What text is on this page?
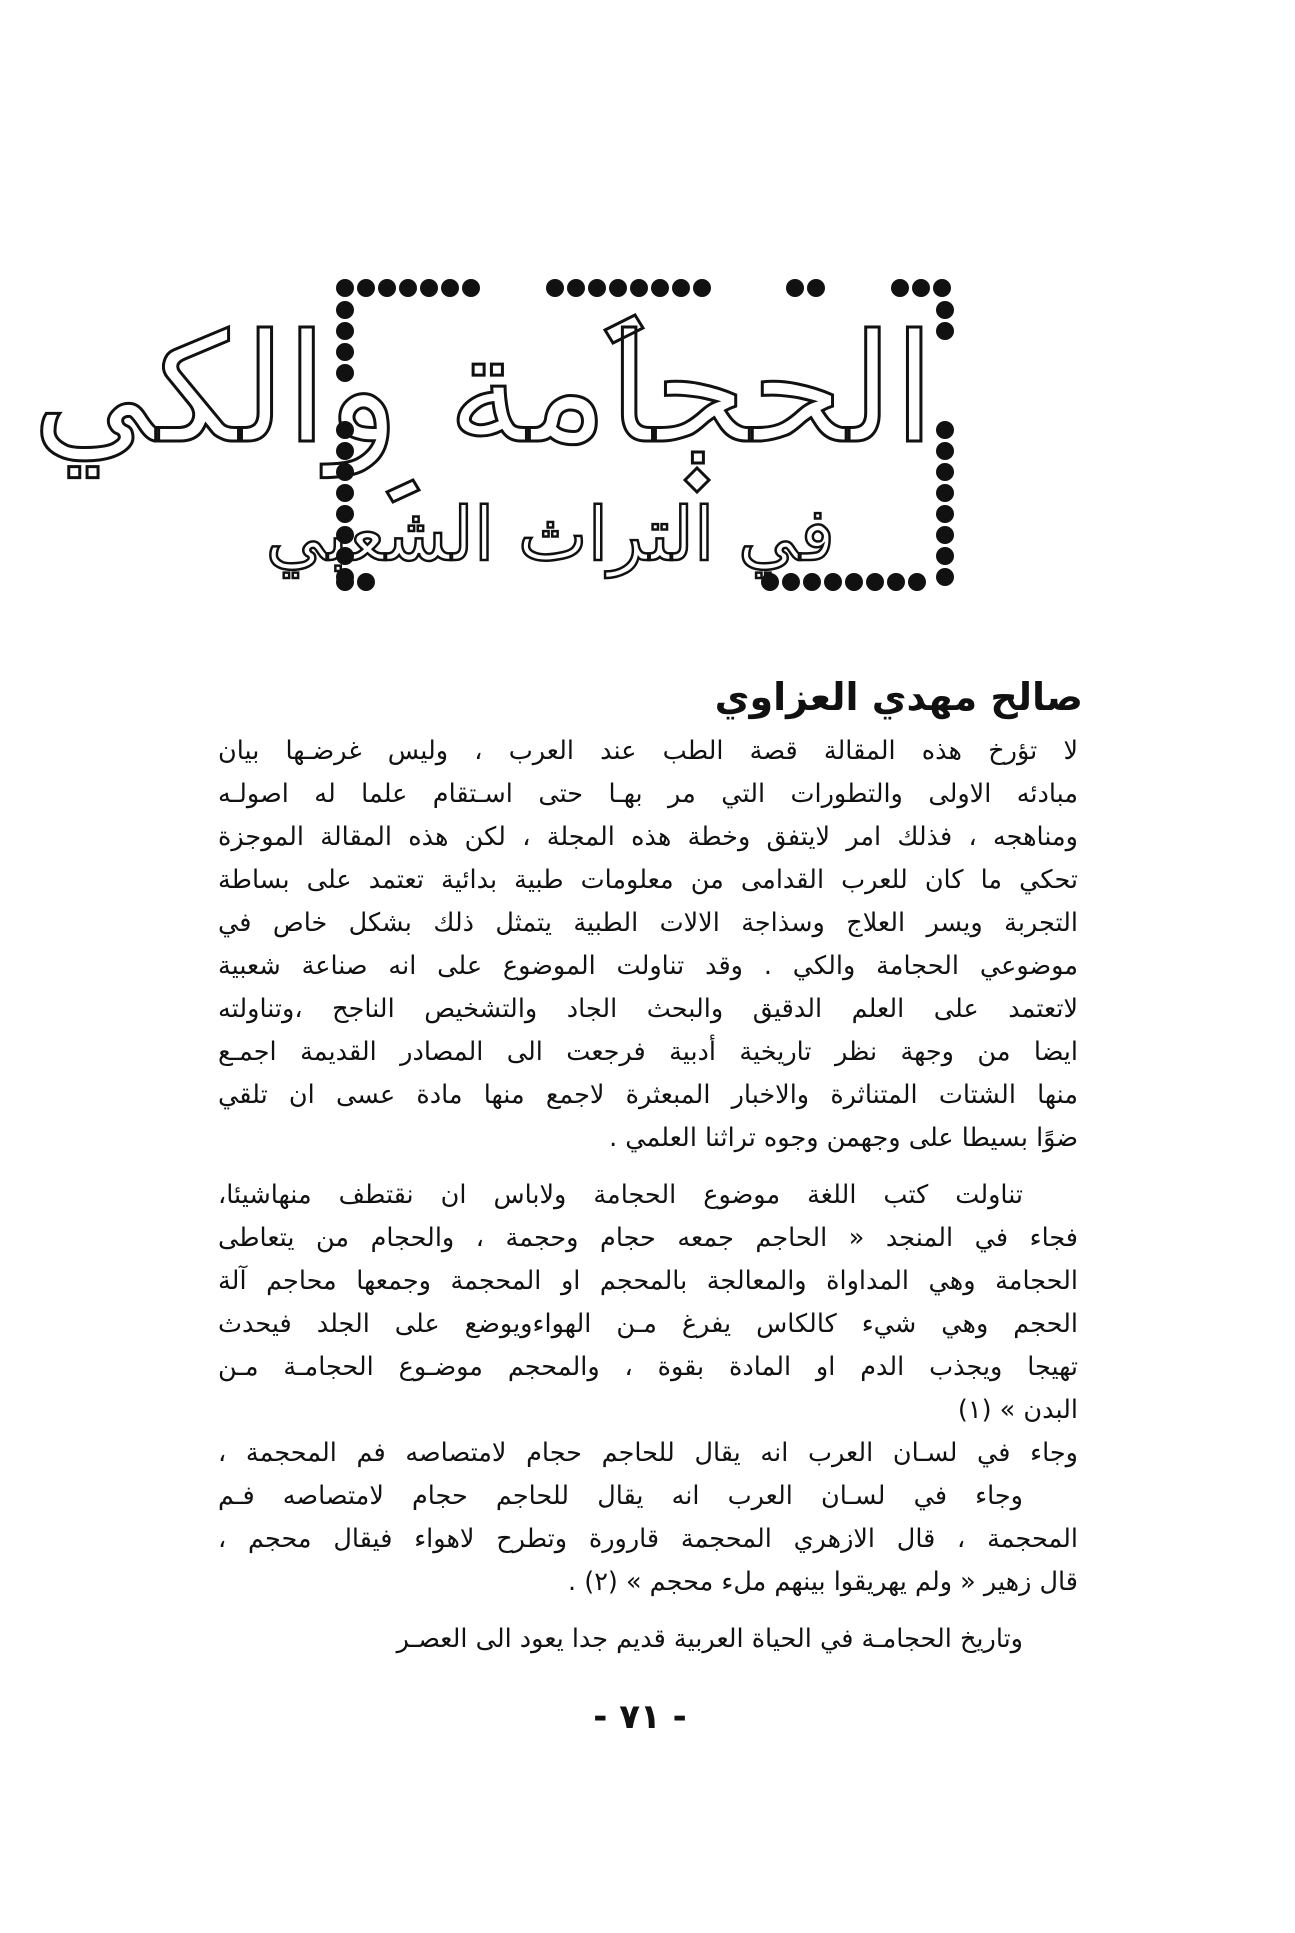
الحجامة والكي
في التراث الشعبي
صالح مهدي العزاوي
لا تؤرخ هذه المقالة قصة الطب عند العرب ، وليس غرضـها بيان
مبادئه الاولى والتطورات التي مر بهـا حتى اسـتقام علما له اصولـه
ومناهجه ، فذلك امر لايتفق وخطة هذه المجلة ، لكن هذه المقالة الموجزة
تحكي ما كان للعرب القدامى من معلومات طبية بدائية تعتمد على بساطة
التجربة ويسر العلاج وسذاجة الالات الطبية يتمثل ذلك بشكل خاص في
موضوعي الحجامة والكي . وقد تناولت الموضوع على انه صناعة شعبية
لاتعتمد على العلم الدقيق والبحث الجاد والتشخيص الناجح ،وتناولته
ايضا من وجهة نظر تاريخية أدبية فرجعت الى المصادر القديمة اجمـع
منها الشتات المتناثرة والاخبار المبعثرة لاجمع منها مادة عسى ان تلقي
ضوًا بسيطا على وجهمن وجوه تراثنا العلمي .
تناولت كتب اللغة موضوع الحجامة ولاباس ان نقتطف منهاشيئا،
فجاء في المنجد « الحاجم جمعه حجام وحجمة ، والحجام من يتعاطى
الحجامة وهي المداواة والمعالجة بالمحجم او المحجمة وجمعها محاجم آلة
الحجم وهي شيء كالكاس يفرغ مـن الهواءويوضع على الجلد فيحدث
تهيجا ويجذب الدم او المادة بقوة ، والمحجم موضـوع الحجامـة مـن
البدن » (١)
وجاء في لسـان العرب انه يقال للحاجم حجام لامتصاصه فم المحجمة ،
وجاء في لسـان العرب انه يقال للحاجم حجام لامتصاصه فـم
المحجمة ، قال الازهري المحجمة قارورة وتطرح لاهواء فيقال محجم ،
قال زهير « ولم يهريقوا بينهم ملء محجم » (٢) .
وتاريخ الحجامـة في الحياة العربية قديم جدا يعود الى العصـر
- ٧١ -
